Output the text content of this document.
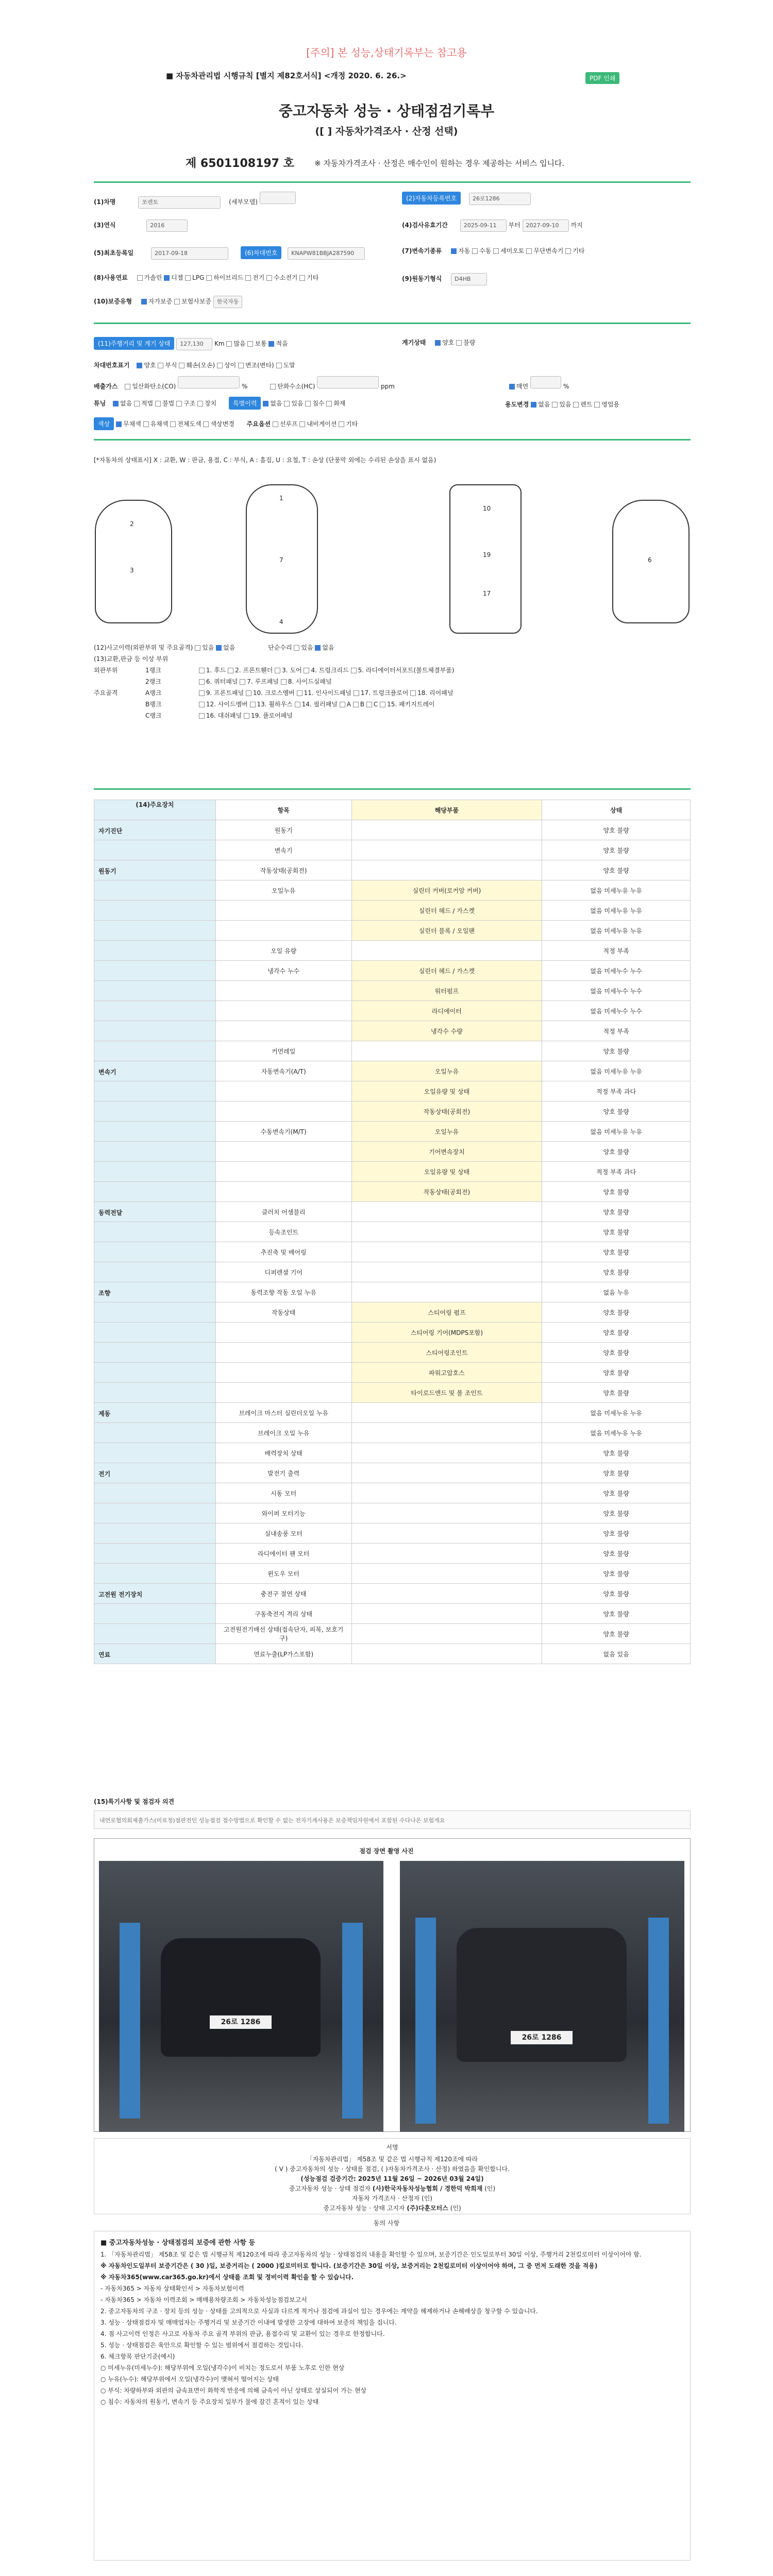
[주의] 본 성능,상태기록부는 참고용
■ 자동차관리법 시행규칙 [별지 제82호서식] <개정 2020. 6. 26.>	PDF 인쇄
중고자동차 성능 · 상태점검기록부
([ ] 자동차가격조사 · 산정 선택)
제 6501108197 호	※ 자동차가격조사 · 산정은 매수인이 원하는 경우 제공하는 서비스 입니다.
(1)차명	쏘렌토	(세부모델)	(2)자동차등록번호	26로1286
(3)연식	2016	(4)검사유효기간	2025-09-11 부터 2027-09-10 까지
(5)최초등록일	2017-09-18	(6)차대번호 KNAPW81BBJA287590	(7)변속기종류	자동 수동 세미오토 무단변속기 기타
(8)사용연료	가솔린 디젤 LPG 하이브리드 전기 수소전기 기타	(9)원동기형식 D4HB
(10)보증유형	자가보증 보험사보증 한국자동
(11)주행거리 및 계기 상태 127,130 Km 많음 보통 적음	계기상태	양호 불량
차대번호표기 양호 부식 훼손(오손) 상이 변조(변타) 도말
배출가스 일산화탄소(CO)	%	탄화수소(HC)	ppm	매연	%
튜닝 없음 적법 불법 구조 장치	특별이력 없음 있음 침수 화재	용도변경 없음 있음 렌트 영업용
색상 무채색 유채색 전체도색 색상변경 주요옵션 선루프 내비게이션 기타
[*자동차의 상태표시] X : 교환, W : 판금, 용접, C : 부식, A : 흠집, U : 요철, T : 손상 (단풍막 외에는 수리된 손상을 표시 없음)
2
3
1
7
4
19
17
10
6
(12)사고이력(외판부위 및 주요골격) 있음 없음	단순수리 있음 없음
(13)교환,판금 등 이상 부위
외판부위	1랭크	1. 후드 2. 프론트휀더 3. 도어 4. 트렁크리드 5. 라디에이터서포트(볼트체결부품)
2랭크	6. 쿼터패널 7. 루프패널 8. 사이드실패널
주요골격	A랭크	9. 프론트패널 10. 크로스멤버 11. 인사이드패널 17. 트렁크플로어 18. 리어패널
B랭크	12. 사이드멤버 13. 휠하우스 14. 필러패널 A B C 15. 패키지트레이
C랭크	16. 대쉬패널 19. 플로어패널
(14)주요장치	항목	해당부품	상태
자기진단	원동기		양호 불량
	변속기		양호 불량
원동기	작동상태(공회전)		양호 불량
	오일누유	실린더 커버(로커암 커버)	없음 미세누유 누유
		실린더 헤드 / 가스켓	없음 미세누유 누유
		실린더 블록 / 오일팬	없음 미세누유 누유
	오일 유량		적정 부족
	냉각수 누수	실린더 헤드 / 가스켓	없음 미세누수 누수
		워터펌프	없음 미세누수 누수
		라디에이터	없음 미세누수 누수
		냉각수 수량	적정 부족
	커먼레일		양호 불량
변속기	자동변속기(A/T)	오일누유	없음 미세누유 누유
		오일유량 및 상태	적정 부족 과다
		작동상태(공회전)	양호 불량
	수동변속기(M/T)	오일누유	없음 미세누유 누유
		기어변속장치	양호 불량
		오일유량 및 상태	적정 부족 과다
		작동상태(공회전)	양호 불량
동력전달	클러치 어셈블리		양호 불량
	등속조인트		양호 불량
	추진축 및 베어링		양호 불량
	디퍼렌셜 기어		양호 불량
조향	동력조향 작동 오일 누유		없음 누유
	작동상태	스티어링 펌프	양호 불량
		스티어링 기어(MDPS포함)	양호 불량
		스티어링조인트	양호 불량
		파워고압호스	양호 불량
		타이로드엔드 및 볼 조인트	양호 불량
제동	브레이크 마스터 실린더오일 누유		없음 미세누유 누유
	브레이크 오일 누유		없음 미세누유 누유
	배력장치 상태		양호 불량
전기	발전기 출력		양호 불량
	시동 모터		양호 불량
	와이퍼 모터기능		양호 불량
	실내송풍 모터		양호 불량
	라디에이터 팬 모터		양호 불량
	윈도우 모터		양호 불량
고전원 전기장치	충전구 절연 상태		양호 불량
	구동축전지 격리 상태		양호 불량
	고전원전기배선 상태(접속단자, 피복, 보호기구)		양호 불량
연료	연료누출(LP가스포함)		없음 있음
(15)특기사항 및 점검자 의견
내연로협의회제출가스(미료정)점판전인 성능점검 접수방법으로 확인할 수 없는 전자기계사용은 보증책임자원에서 포함된 수다나온 보험게요
점검 장면 촬영 사진
26로 1286
26로 1286
서명
「자동차관리법」 제58조 및 같은 법 시행규칙 제120조에 따라
( V ) 중고자동차의 성능 · 상태를 점검, ( )자동차가격조사 · 산정) 하였음을 확인합니다.
(성능점검 검증기간: 2025년 11월 26일 ~ 2026년 03월 24일)
중고자동차 성능 · 상태 점검자 (사)한국자동차성능협회 / 경한덕 박희재 (인)
자동차 가격조사 · 산정자 (인)
중고자동차 성능 · 상태 고지자 (주)다훈모터스 (인)
동의 사항
■ 중고자동차성능 · 상태점검의 보증에 관한 사항 등
1. 「자동차관리법」 제58조 및 같은 법 시행규칙 제120조에 따라 중고자동차의 성능 · 상태점검의 내용을 확인할 수 있으며, 보증기간은 인도일로부터 30일 이상, 주행거리 2천킬로미터 이상이어야 함.
※ 자동차인도일부터 보증기간은 ( 30 )일, 보증거리는 ( 2000 )킬로미터로 합니다. (보증기간은 30일 이상, 보증거리는 2천킬로미터 이상이어야 하며, 그 중 먼저 도래한 것을 적용)
※ 자동차365(www.car365.go.kr)에서 상태를 조회 및 정비이력 확인을 할 수 있습니다.
- 자동차365 > 자동차 상태확인서 > 자동차보험이력
- 자동차365 > 자동차 이력조회 > 매매용차량조회 > 자동차성능점검보고서
2. 중고자동차의 구조 · 장치 등의 성능 · 상태를 고의적으로 사실과 다르게 적거나 점검에 과실이 있는 경우에는 계약을 해제하거나 손해배상을 청구할 수 있습니다.
3. 성능 · 상태점검자 및 매매업자는 주행거리 및 보증기간 이내에 발생한 고장에 대하여 보증의 책임을 집니다.
4. 점 사고이력 인정은 사고로 자동차 주요 골격 부위의 판금, 용접수리 및 교환이 있는 경우로 한정합니다.
5. 성능 · 상태점검은 육안으로 확인할 수 있는 범위에서 점검하는 것입니다.
6. 체크항목 판단기준(예시)
○ 미세누유(미세누수): 해당부위에 오일(냉각수)이 비치는 정도로서 부품 노후로 인한 현상
○ 누유(누수): 해당부위에서 오일(냉각수)이 맺혀서 떨어지는 상태
○ 부식: 차량하부와 외판의 금속표면이 화학적 반응에 의해 금속이 아닌 상태로 상실되어 가는 현상
○ 침수: 자동차의 원동기, 변속기 등 주요장치 일부가 물에 잠긴 흔적이 있는 상태
